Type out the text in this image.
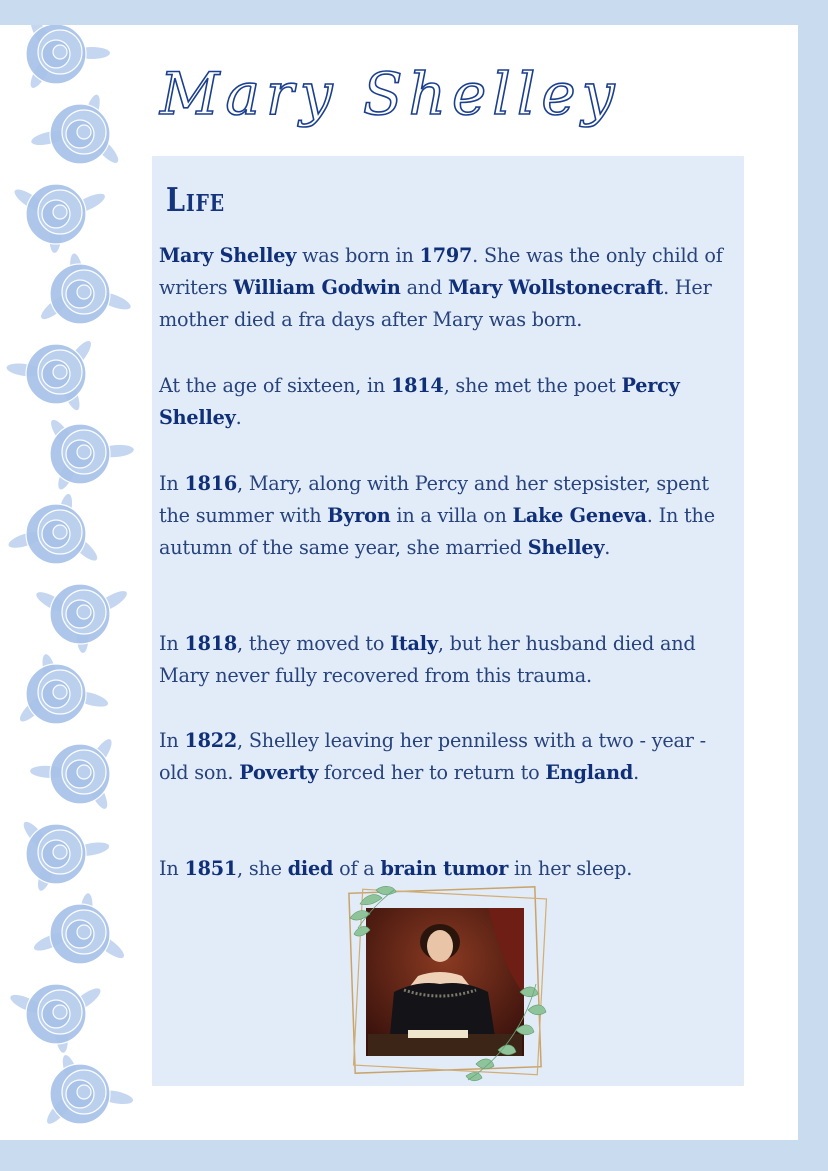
Mary Shelley
Life
Mary Shelley was born in 1797. She was the only child of writers William Godwin and Mary Wollstonecraft. Her mother died a fra days after Mary was born.
At the age of sixteen, in 1814, she met the poet Percy Shelley.
In 1816, Mary, along with Percy and her stepsister, spent the summer with Byron in a villa on Lake Geneva. In the autumn of the same year, she married Shelley.
In 1818, they moved to Italy, but her husband died and Mary never fully recovered from this trauma.
In 1822, Shelley leaving her penniless with a two - year - old son. Poverty forced her to return to England.
In 1851, she died of a brain tumor in her sleep.
